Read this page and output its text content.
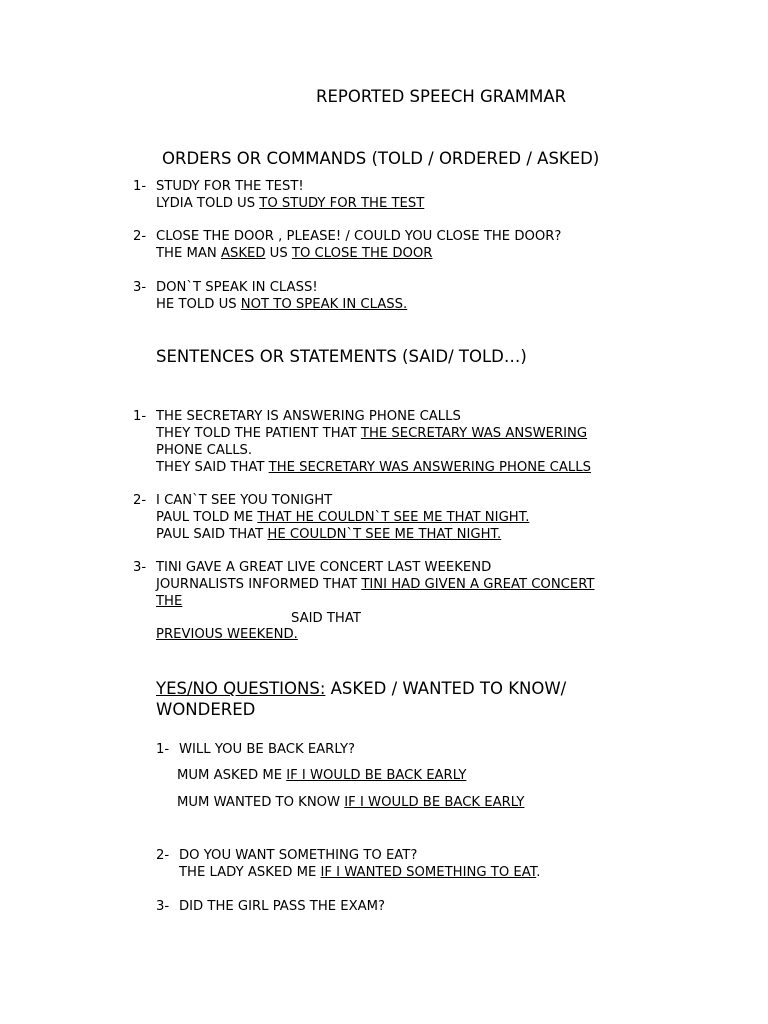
REPORTED SPEECH GRAMMAR

ORDERS OR COMMANDS (TOLD / ORDERED / ASKED)

1- STUDY FOR THE TEST!

LYDIA TOLD US TO STUDY FOR THE TEST

2- CLOSE THE DOOR , PLEASE! / COULD YOU CLOSE THE DOOR?

THE MAN ASKED US TO CLOSE THE DOOR

3- DON`T SPEAK IN CLASS!

HE TOLD US NOT TO SPEAK IN CLASS.

SENTENCES OR STATEMENTS (SAID/ TOLD…)

1- THE SECRETARY IS ANSWERING PHONE CALLS

THEY TOLD THE PATIENT THAT THE SECRETARY WAS ANSWERING

PHONE CALLS.

THEY SAID THAT THE SECRETARY WAS ANSWERING PHONE CALLS

2- I CAN`T SEE YOU TONIGHT

PAUL TOLD ME THAT HE COULDN`T SEE ME THAT NIGHT.

PAUL SAID THAT HE COULDN`T SEE ME THAT NIGHT.

3- TINI GAVE A GREAT LIVE CONCERT LAST WEEKEND

JOURNALISTS INFORMED THAT TINI HAD GIVEN A GREAT CONCERT

THE

SAID THAT

PREVIOUS WEEKEND.

YES/NO QUESTIONS: ASKED / WANTED TO KNOW/

WONDERED

1- WILL YOU BE BACK EARLY?

MUM ASKED ME IF I WOULD BE BACK EARLY

MUM WANTED TO KNOW IF I WOULD BE BACK EARLY

2- DO YOU WANT SOMETHING TO EAT?

THE LADY ASKED ME IF I WANTED SOMETHING TO EAT.

3- DID THE GIRL PASS THE EXAM?
